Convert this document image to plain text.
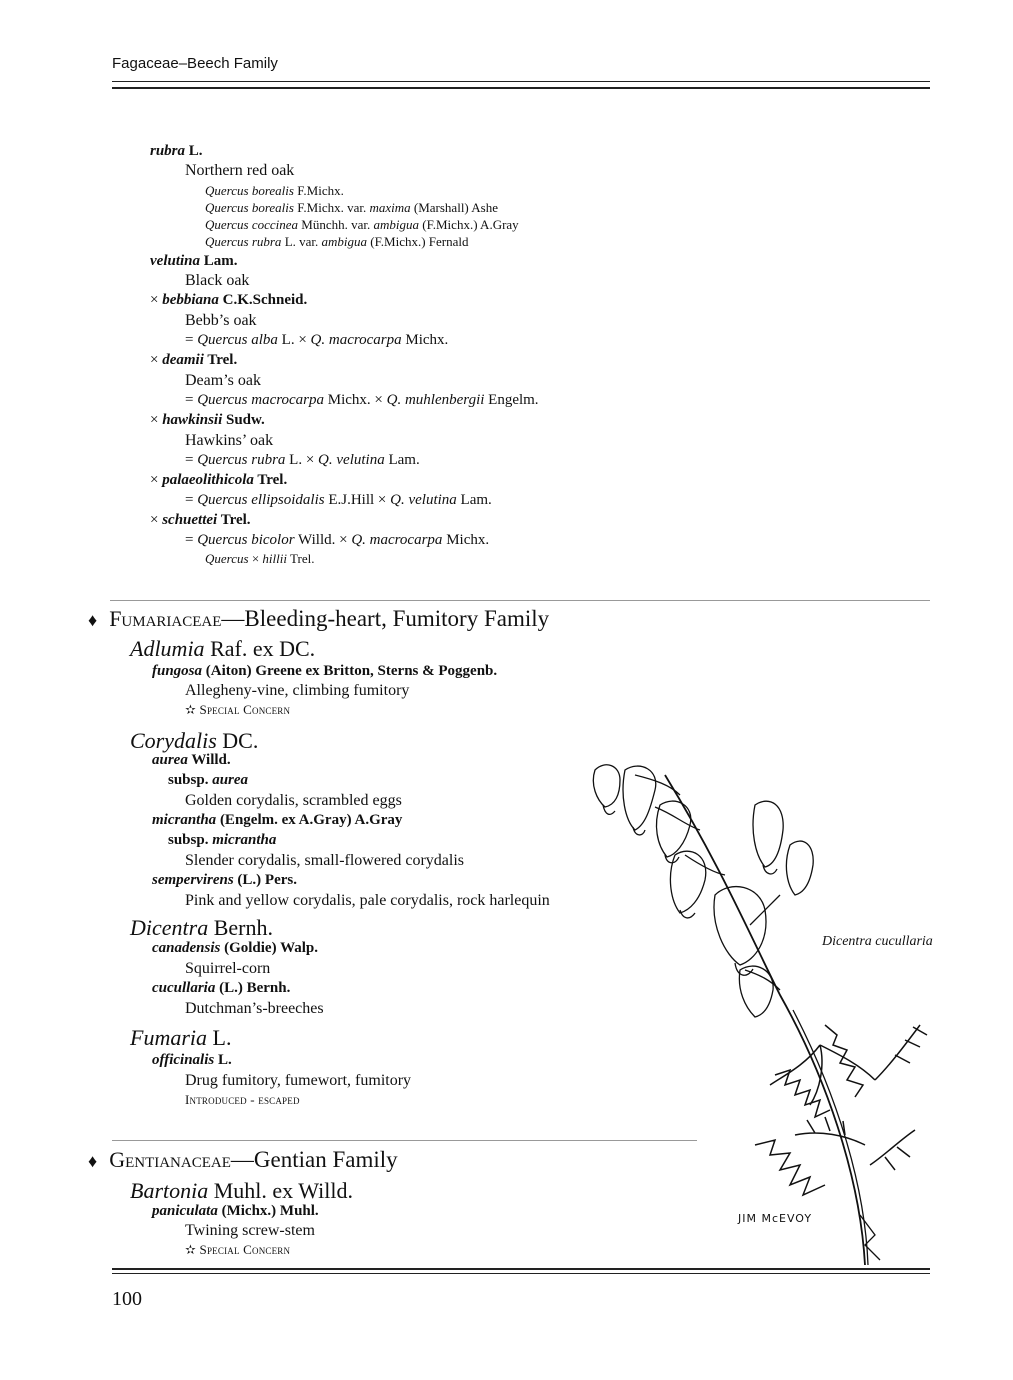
Fagaceae–Beech Family
rubra L.
Northern red oak
Quercus borealis F.Michx.
Quercus borealis F.Michx. var. maxima (Marshall) Ashe
Quercus coccinea Münchh. var. ambigua (F.Michx.) A.Gray
Quercus rubra L. var. ambigua (F.Michx.) Fernald
velutina Lam.
Black oak
× bebbiana C.K.Schneid.
Bebb’s oak
= Quercus alba L. × Q. macrocarpa Michx.
× deamii Trel.
Deam’s oak
= Quercus macrocarpa Michx. × Q. muhlenbergii Engelm.
× hawkinsii Sudw.
Hawkins’ oak
= Quercus rubra L. × Q. velutina Lam.
× palaeolithicola Trel.
= Quercus ellipsoidalis E.J.Hill × Q. velutina Lam.
× schuettei Trel.
= Quercus bicolor Willd. × Q. macrocarpa Michx.
Quercus × hillii Trel.
♦ Fumariaceae—Bleeding-heart, Fumitory Family
Adlumia Raf. ex DC.
fungosa (Aiton) Greene ex Britton, Sterns & Poggenb.
Allegheny-vine, climbing fumitory
✫ Special Concern
Corydalis DC.
aurea Willd.
subsp. aurea
Golden corydalis, scrambled eggs
micrantha (Engelm. ex A.Gray) A.Gray
subsp. micrantha
Slender corydalis, small-flowered corydalis
sempervirens (L.) Pers.
Pink and yellow corydalis, pale corydalis, rock harlequin
Dicentra Bernh.
canadensis (Goldie) Walp.
Squirrel-corn
cucullaria (L.) Bernh.
Dutchman’s-breeches
Fumaria L.
officinalis L.
Drug fumitory, fumewort, fumitory
Introduced - escaped
♦ Gentianaceae—Gentian Family
Bartonia Muhl. ex Willd.
paniculata (Michx.) Muhl.
Twining screw-stem
✫ Special Concern
Dicentra cucullaria
JIM McEVOY
100
